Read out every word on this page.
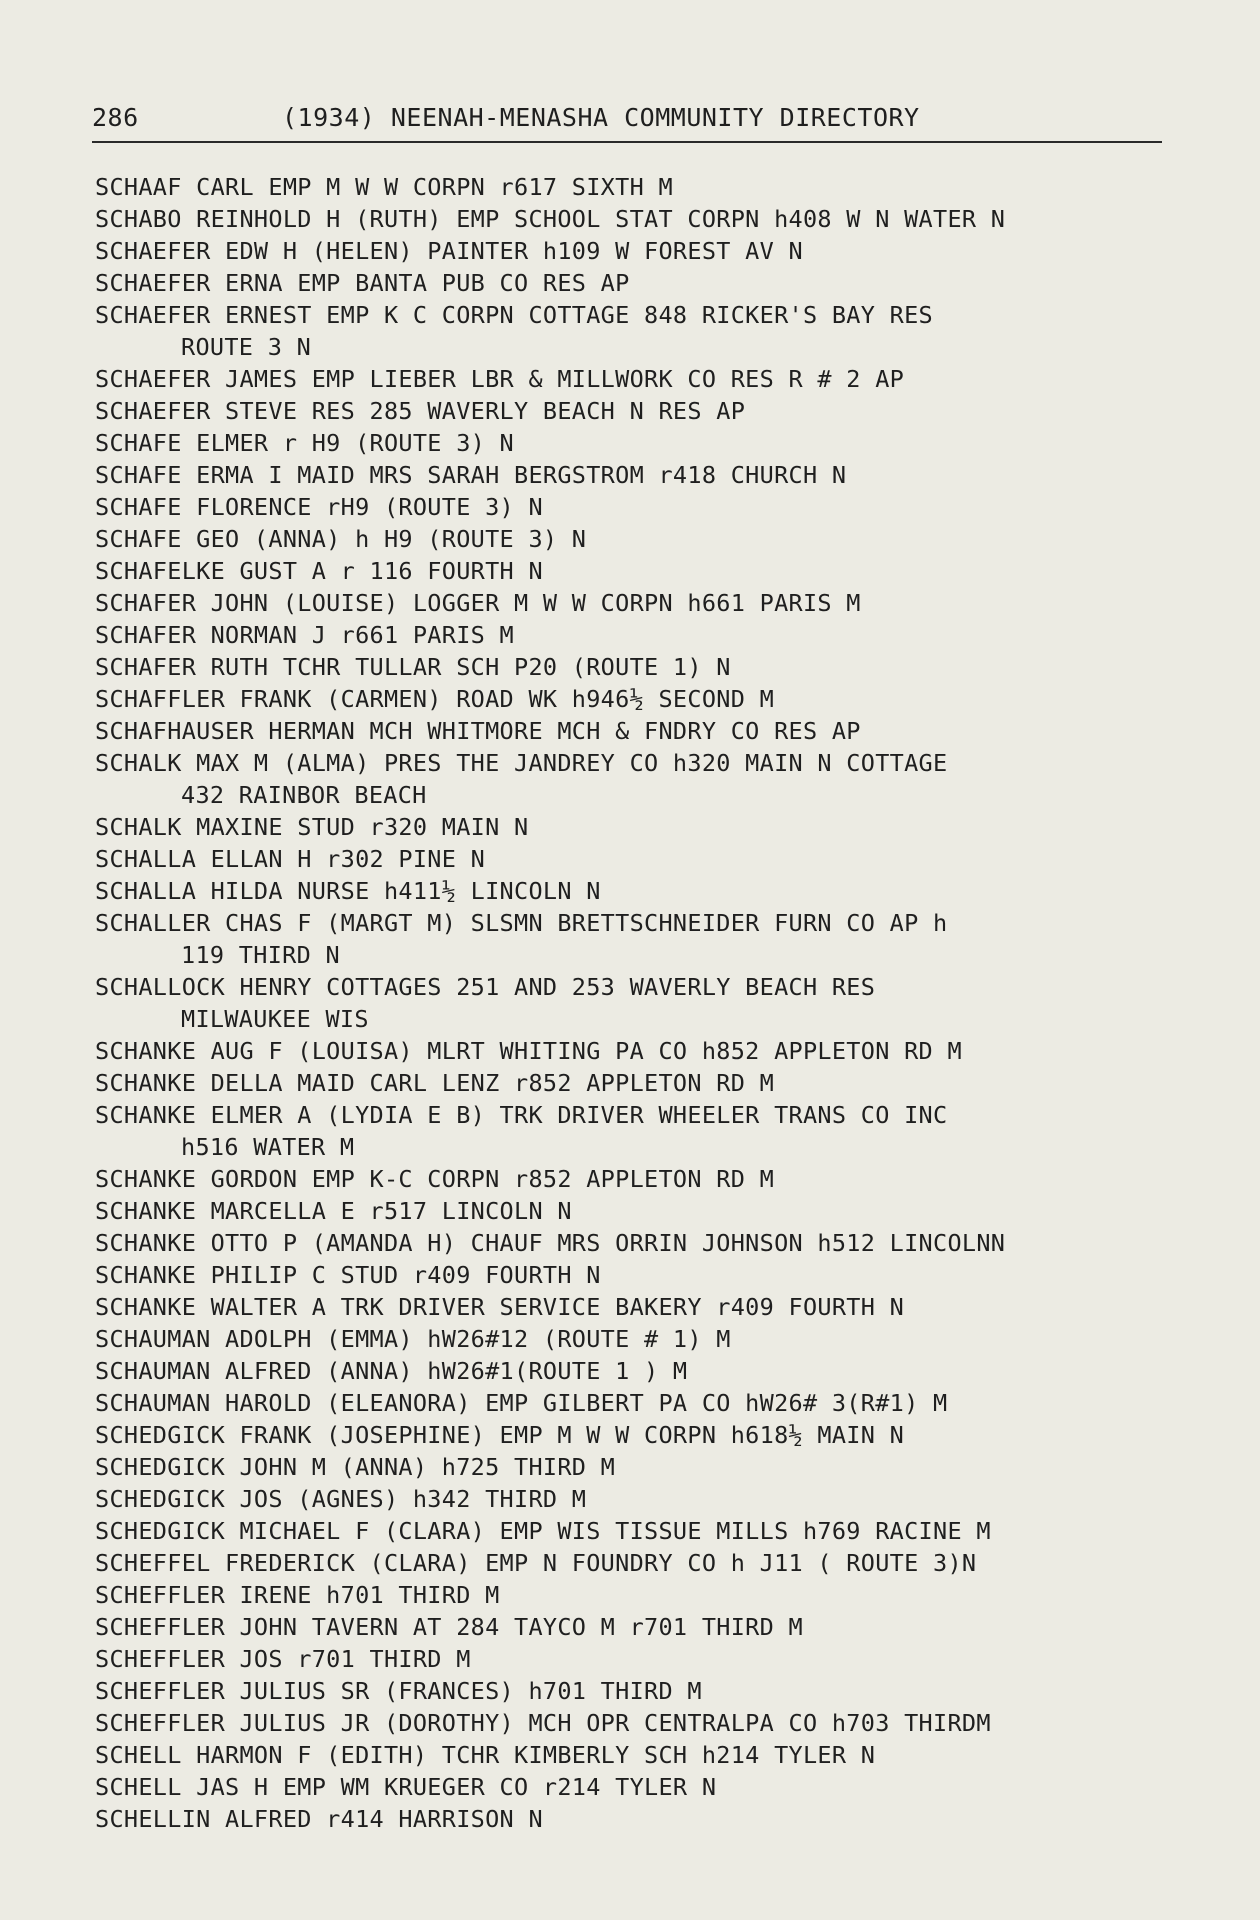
286	(1934) NEENAH-MENASHA COMMUNITY DIRECTORY
SCHAAF CARL EMP M W W CORPN r617 SIXTH M
SCHABO REINHOLD H (RUTH) EMP SCHOOL STAT CORPN h408 W N WATER N
SCHAEFER EDW H (HELEN) PAINTER h109 W FOREST AV N
SCHAEFER ERNA EMP BANTA PUB CO RES AP
SCHAEFER ERNEST EMP K C CORPN COTTAGE 848 RICKER'S BAY RES
ROUTE 3 N
SCHAEFER JAMES EMP LIEBER LBR & MILLWORK CO RES R # 2 AP
SCHAEFER STEVE RES 285 WAVERLY BEACH N RES AP
SCHAFE ELMER r H9 (ROUTE 3) N
SCHAFE ERMA I MAID MRS SARAH BERGSTROM r418 CHURCH N
SCHAFE FLORENCE rH9 (ROUTE 3) N
SCHAFE GEO (ANNA) h H9 (ROUTE 3) N
SCHAFELKE GUST A r 116 FOURTH N
SCHAFER JOHN (LOUISE) LOGGER M W W CORPN h661 PARIS M
SCHAFER NORMAN J r661 PARIS M
SCHAFER RUTH TCHR TULLAR SCH P20 (ROUTE 1) N
SCHAFFLER FRANK (CARMEN) ROAD WK h946½ SECOND M
SCHAFHAUSER HERMAN MCH WHITMORE MCH & FNDRY CO RES AP
SCHALK MAX M (ALMA) PRES THE JANDREY CO h320 MAIN N COTTAGE
432 RAINBOR BEACH
SCHALK MAXINE STUD r320 MAIN N
SCHALLA ELLAN H r302 PINE N
SCHALLA HILDA NURSE h411½ LINCOLN N
SCHALLER CHAS F (MARGT M) SLSMN BRETTSCHNEIDER FURN CO AP h
119 THIRD N
SCHALLOCK HENRY COTTAGES 251 AND 253 WAVERLY BEACH RES
MILWAUKEE WIS
SCHANKE AUG F (LOUISA) MLRT WHITING PA CO h852 APPLETON RD M
SCHANKE DELLA MAID CARL LENZ r852 APPLETON RD M
SCHANKE ELMER A (LYDIA E B) TRK DRIVER WHEELER TRANS CO INC
h516 WATER M
SCHANKE GORDON EMP K-C CORPN r852 APPLETON RD M
SCHANKE MARCELLA E r517 LINCOLN N
SCHANKE OTTO P (AMANDA H) CHAUF MRS ORRIN JOHNSON h512 LINCOLNN
SCHANKE PHILIP C STUD r409 FOURTH N
SCHANKE WALTER A TRK DRIVER SERVICE BAKERY r409 FOURTH N
SCHAUMAN ADOLPH (EMMA) hW26#12 (ROUTE # 1) M
SCHAUMAN ALFRED (ANNA) hW26#1(ROUTE 1 ) M
SCHAUMAN HAROLD (ELEANORA) EMP GILBERT PA CO hW26# 3(R#1) M
SCHEDGICK FRANK (JOSEPHINE) EMP M W W CORPN h618½ MAIN N
SCHEDGICK JOHN M (ANNA) h725 THIRD M
SCHEDGICK JOS (AGNES) h342 THIRD M
SCHEDGICK MICHAEL F (CLARA) EMP WIS TISSUE MILLS h769 RACINE M
SCHEFFEL FREDERICK (CLARA) EMP N FOUNDRY CO h J11 ( ROUTE 3)N
SCHEFFLER IRENE h701 THIRD M
SCHEFFLER JOHN TAVERN AT 284 TAYCO M r701 THIRD M
SCHEFFLER JOS r701 THIRD M
SCHEFFLER JULIUS SR (FRANCES) h701 THIRD M
SCHEFFLER JULIUS JR (DOROTHY) MCH OPR CENTRALPA CO h703 THIRDM
SCHELL HARMON F (EDITH) TCHR KIMBERLY SCH h214 TYLER N
SCHELL JAS H EMP WM KRUEGER CO r214 TYLER N
SCHELLIN ALFRED r414 HARRISON N
